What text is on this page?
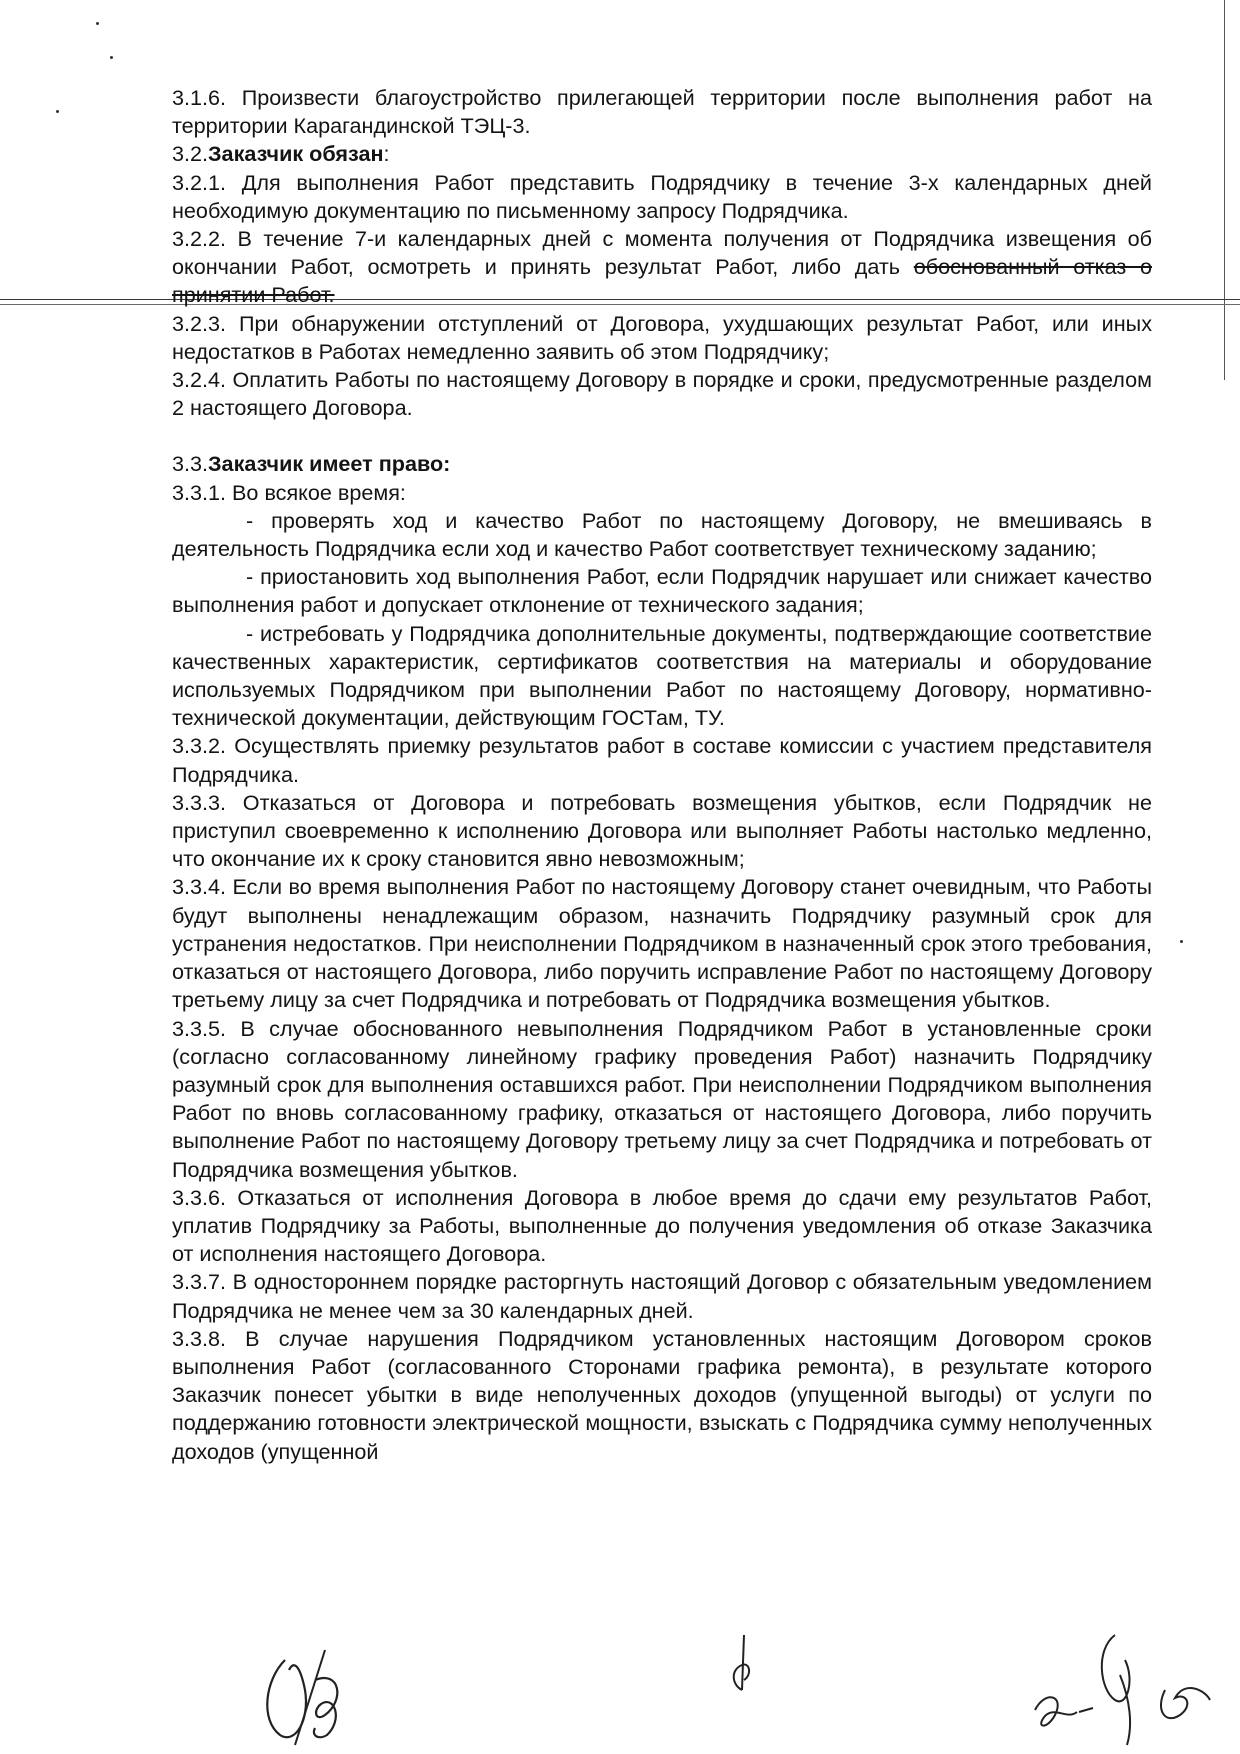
3.1.6. Произвести благоустройство прилегающей территории после выполнения работ на территории Карагандинской ТЭЦ-3.

3.2.Заказчик обязан:

3.2.1. Для выполнения Работ представить Подрядчику в течение 3-х календарных дней необходимую документацию по письменному запросу Подрядчика.

3.2.2. В течение 7-и календарных дней с момента получения от Подрядчика извещения об окончании Работ, осмотреть и принять результат Работ, либо дать обоснованный отказ о принятии Работ.

3.2.3. При обнаружении отступлений от Договора, ухудшающих результат Работ, или иных недостатков в Работах немедленно заявить об этом Подрядчику;

3.2.4. Оплатить Работы по настоящему Договору в порядке и сроки, предусмотренные разделом 2 настоящего Договора.

3.3.Заказчик имеет право:

3.3.1. Во всякое время:

- проверять ход и качество Работ по настоящему Договору, не вмешиваясь в деятельность Подрядчика если ход и качество Работ соответствует техническому заданию;

- приостановить ход выполнения Работ, если Подрядчик нарушает или снижает качество выполнения работ и допускает отклонение от технического задания;

- истребовать у Подрядчика дополнительные документы, подтверждающие соответствие качественных характеристик, сертификатов соответствия на материалы и оборудование используемых Подрядчиком при выполнении Работ по настоящему Договору, нормативно-технической документации, действующим ГОСТам, ТУ.

3.3.2. Осуществлять приемку результатов работ в составе комиссии с участием представителя Подрядчика.

3.3.3. Отказаться от Договора и потребовать возмещения убытков, если Подрядчик не приступил своевременно к исполнению Договора или выполняет Работы настолько медленно, что окончание их к сроку становится явно невозможным;

3.3.4. Если во время выполнения Работ по настоящему Договору станет очевидным, что Работы будут выполнены ненадлежащим образом, назначить Подрядчику разумный срок для устранения недостатков. При неисполнении Подрядчиком в назначенный срок этого требования, отказаться от настоящего Договора, либо поручить исправление Работ по настоящему Договору третьему лицу за счет Подрядчика и потребовать от Подрядчика возмещения убытков.

3.3.5. В случае обоснованного невыполнения Подрядчиком Работ в установленные сроки (согласно согласованному линейному графику проведения Работ) назначить Подрядчику разумный срок для выполнения оставшихся работ. При неисполнении Подрядчиком выполнения Работ по вновь согласованному графику, отказаться от настоящего Договора, либо поручить выполнение Работ по настоящему Договору третьему лицу за счет Подрядчика и потребовать от Подрядчика возмещения убытков.

3.3.6. Отказаться от исполнения Договора в любое время до сдачи ему результатов Работ, уплатив Подрядчику за Работы, выполненные до получения уведомления об отказе Заказчика от исполнения настоящего Договора.

3.3.7. В одностороннем порядке расторгнуть настоящий Договор с обязательным уведомлением Подрядчика не менее чем за 30 календарных дней.

3.3.8. В случае нарушения Подрядчиком установленных настоящим Договором сроков выполнения Работ (согласованного Сторонами графика ремонта), в результате которого Заказчик понесет убытки в виде неполученных доходов (упущенной выгоды) от услуги по поддержанию готовности электрической мощности, взыскать с Подрядчика сумму неполученных доходов (упущенной
